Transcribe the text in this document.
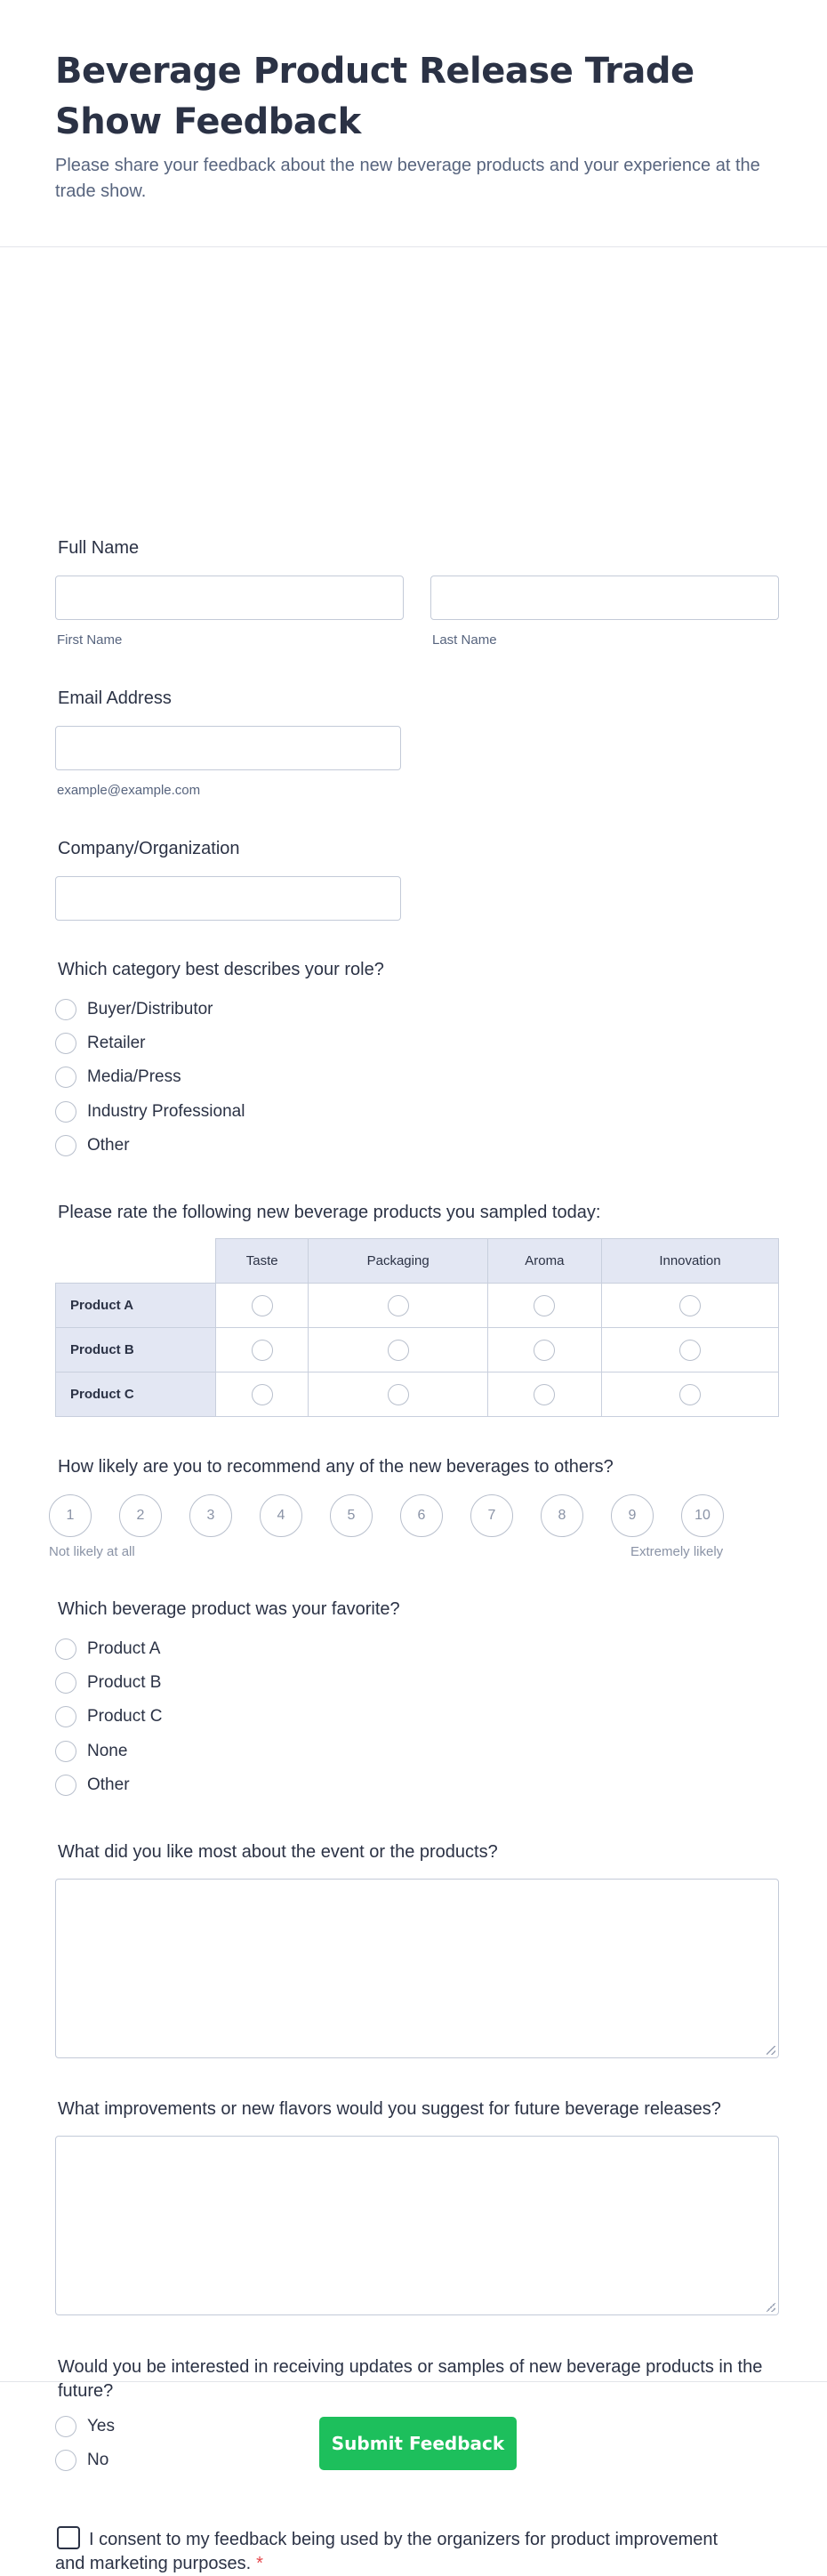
Beverage Product Release Trade Show Feedback

Please share your feedback about the new beverage products and your experience at the trade show.

Full Name
First Name	Last Name
Email Address
example@example.com
Company/Organization
Which category best describes your role?
Buyer/Distributor
Retailer
Media/Press
Industry Professional
Other
Please rate the following new beverage products you sampled today:
	Taste	Packaging	Aroma	Innovation
Product A				
Product B				
Product C				
How likely are you to recommend any of the new beverages to others?
1	2	3	4	5	6	7	8	9	10
Not likely at all	Extremely likely
Which beverage product was your favorite?
Product A
Product B
Product C
None
Other
What did you like most about the event or the products?
What improvements or new flavors would you suggest for future beverage releases?
Would you be interested in receiving updates or samples of new beverage products in the future?
Yes
No
I consent to my feedback being used by the organizers for product improvement and marketing purposes. *
Submit Feedback
